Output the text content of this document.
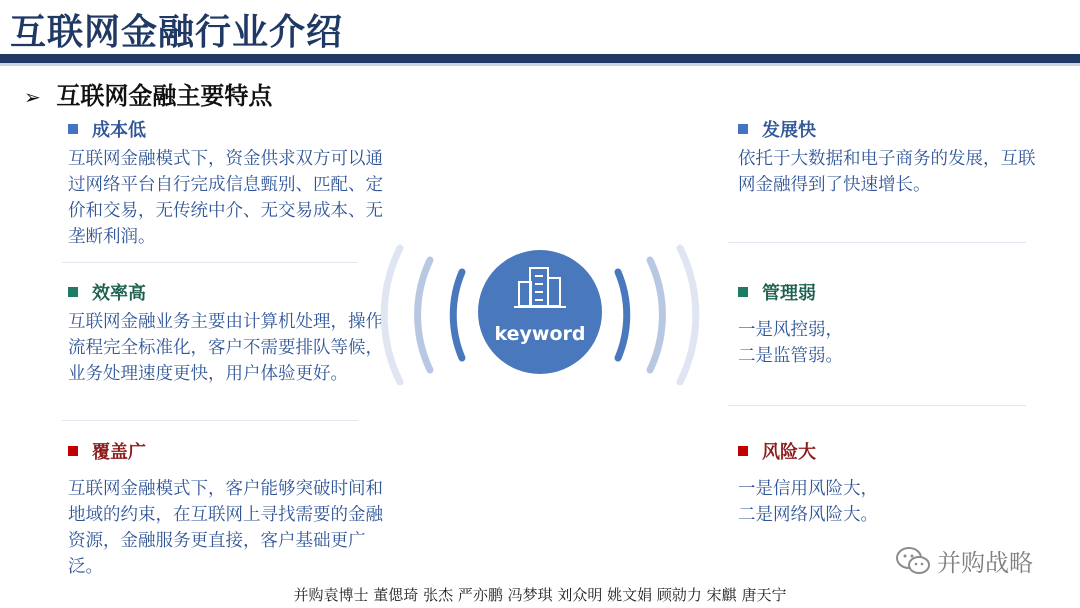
互联网金融行业介绍
➢ 互联网金融主要特点
成本低
互联网金融模式下，资金供求双方可以通过网络平台自行完成信息甄别、匹配、定价和交易，无传统中介、无交易成本、无垄断利润。
效率高
互联网金融业务主要由计算机处理，操作流程完全标准化，客户不需要排队等候，业务处理速度更快，用户体验更好。
覆盖广
互联网金融模式下，客户能够突破时间和地域的约束，在互联网上寻找需要的金融资源，金融服务更直接，客户基础更广泛。
发展快
依托于大数据和电子商务的发展，互联网金融得到了快速增长。
管理弱
一是风控弱，
二是监管弱。
风险大
一是信用风险大，
二是网络风险大。
keyword
并购战略
并购袁博士 董偲琦 张杰 严亦鹏 冯梦琪 刘众明 姚文娟 顾勍力 宋麒 唐天宁
